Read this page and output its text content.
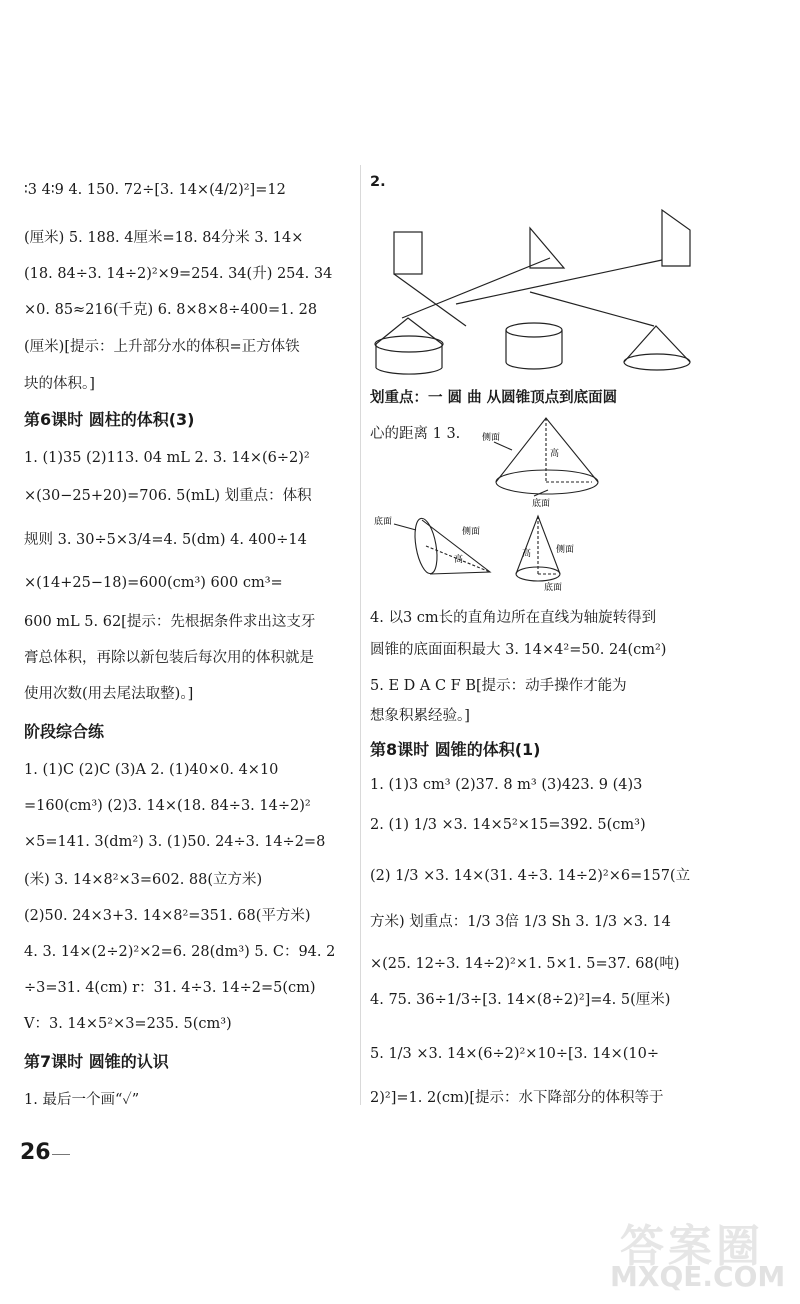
∶3 4∶9 4. 150. 72÷[3. 14×(4/2)²]=12
(厘米) 5. 188. 4厘米=18. 84分米 3. 14×
(18. 84÷3. 14÷2)²×9=254. 34(升) 254. 34
×0. 85≈216(千克) 6. 8×8×8÷400=1. 28
(厘米)[提示：上升部分水的体积=正方体铁
块的体积。]
第6课时 圆柱的体积(3)
1. (1)35 (2)113. 04 mL 2. 3. 14×(6÷2)²
×(30−25+20)=706. 5(mL) 划重点：体积
规则 3. 30÷5×3/4=4. 5(dm) 4. 400÷14
×(14+25−18)=600(cm³) 600 cm³=
600 mL 5. 62[提示：先根据条件求出这支牙
膏总体积，再除以新包装后每次用的体积就是
使用次数(用去尾法取整)。]
阶段综合练
1. (1)C (2)C (3)A 2. (1)40×0. 4×10
=160(cm³) (2)3. 14×(18. 84÷3. 14÷2)²
×5=141. 3(dm²) 3. (1)50. 24÷3. 14÷2=8
(米) 3. 14×8²×3=602. 88(立方米)
(2)50. 24×3+3. 14×8²=351. 68(平方米)
4. 3. 14×(2÷2)²×2=6. 28(dm³) 5. C：94. 2
÷3=31. 4(cm) r：31. 4÷3. 14÷2=5(cm)
V：3. 14×5²×3=235. 5(cm³)
第7课时 圆锥的认识
1. 最后一个画“✓”
2.
划重点：一 圆 曲 从圆锥顶点到底面圆
心的距离 1 3. 侧面
高
底面
底面
侧面
高
高	侧面
底面
4. 以3 cm长的直角边所在直线为轴旋转得到
圆锥的底面面积最大 3. 14×4²=50. 24(cm²)
5. E D A C F B[提示：动手操作才能为
想象积累经验。]
第8课时 圆锥的体积(1)
1. (1)3 cm³ (2)37. 8 m³ (3)423. 9 (4)3
2. (1) 1/3 ×3. 14×5²×15=392. 5(cm³)
(2) 1/3 ×3. 14×(31. 4÷3. 14÷2)²×6=157(立
方米) 划重点：1/3 3倍 1/3 Sh 3. 1/3 ×3. 14
×(25. 12÷3. 14÷2)²×1. 5×1. 5=37. 68(吨)
4. 75. 36÷1/3÷[3. 14×(8÷2)²]=4. 5(厘米)
5. 1/3 ×3. 14×(6÷2)²×10÷[3. 14×(10÷
2)²]=1. 2(cm)[提示：水下降部分的体积等于
26
答案圈
MXQE.COM
